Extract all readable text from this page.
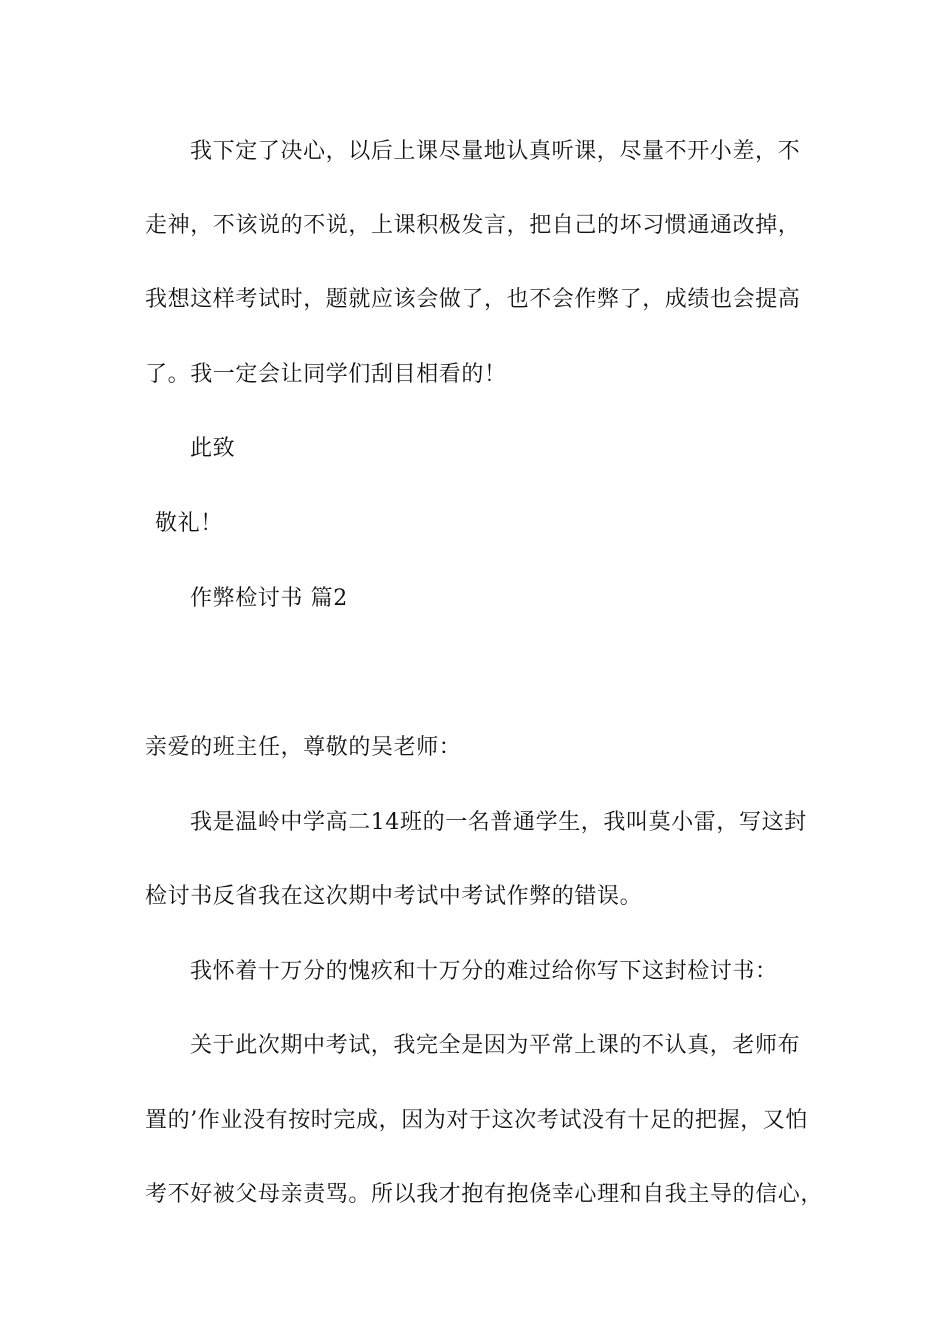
我下定了决心，以后上课尽量地认真听课，尽量不开小差，不
走神，不该说的不说，上课积极发言，把自己的坏习惯通通改掉，
我想这样考试时，题就应该会做了，也不会作弊了，成绩也会提高
了。我一定会让同学们刮目相看的！
此致
敬礼！
作弊检讨书 篇2
亲爱的班主任，尊敬的吴老师：
我是温岭中学高二14班的一名普通学生，我叫莫小雷，写这封
检讨书反省我在这次期中考试中考试作弊的错误。
我怀着十万分的愧疚和十万分的难过给你写下这封检讨书：
关于此次期中考试，我完全是因为平常上课的不认真，老师布
置的’作业没有按时完成，因为对于这次考试没有十足的把握，又怕
考不好被父母亲责骂。所以我才抱有抱侥幸心理和自我主导的信心，
